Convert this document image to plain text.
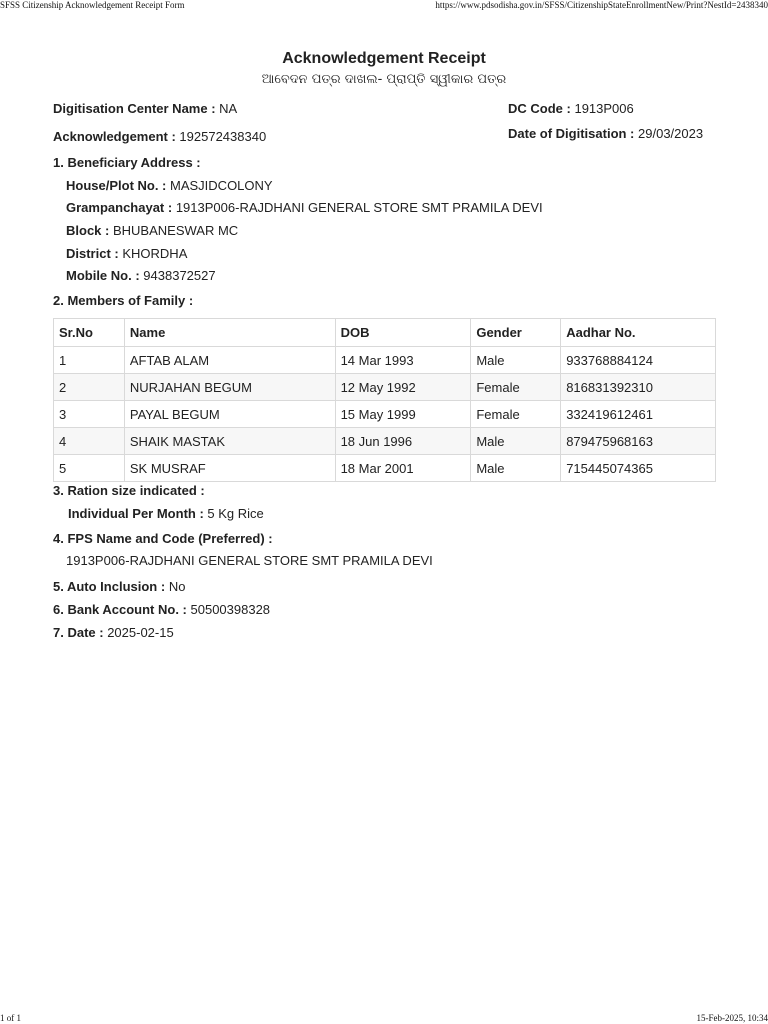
SFSS Citizenship Acknowledgement Receipt Form	https://www.pdsodisha.gov.in/SFSS/CitizenshipStateEnrollmentNew/Print?NestId=2438340
Acknowledgement Receipt
ଆବେଦନ ପତ୍ର ଦାଖଲ- ପ୍ରାପ୍ତି ସ୍ୱୀକାର ପତ୍ର
Digitisation Center Name : NA	DC Code : 1913P006
Acknowledgement : 192572438340	Date of Digitisation : 29/03/2023
1. Beneficiary Address :
House/Plot No. : MASJIDCOLONY
Grampanchayat : 1913P006-RAJDHANI GENERAL STORE SMT PRAMILA DEVI
Block : BHUBANESWAR MC
District : KHORDHA
Mobile No. : 9438372527
2. Members of Family :
Sr.No	Name	DOB	Gender	Aadhar No.
1	AFTAB ALAM	14 Mar 1993	Male	933768884124
2	NURJAHAN BEGUM	12 May 1992	Female	816831392310
3	PAYAL BEGUM	15 May 1999	Female	332419612461
4	SHAIK MASTAK	18 Jun 1996	Male	879475968163
5	SK MUSRAF	18 Mar 2001	Male	715445074365
3. Ration size indicated :
Individual Per Month : 5 Kg Rice
4. FPS Name and Code (Preferred) :
1913P006-RAJDHANI GENERAL STORE SMT PRAMILA DEVI
5. Auto Inclusion : No
6. Bank Account No. : 50500398328
7. Date : 2025-02-15
1 of 1	15-Feb-2025, 10:34
